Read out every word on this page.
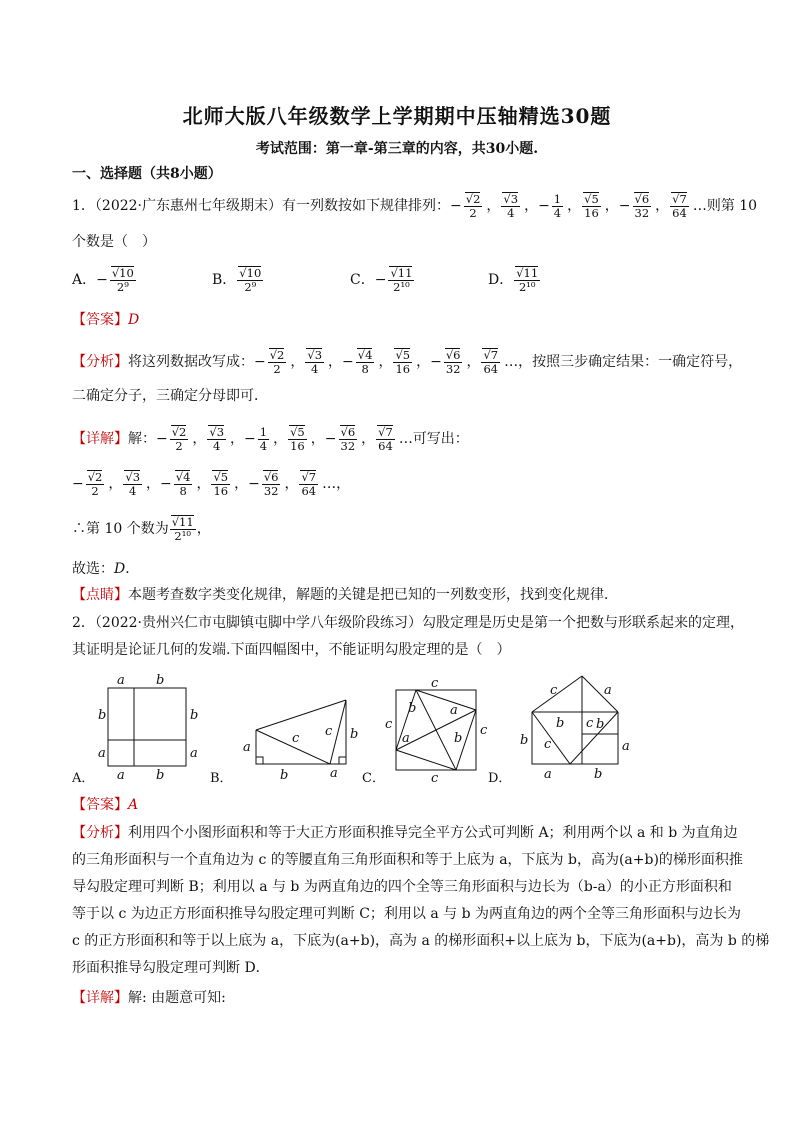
北师大版八年级数学上学期期中压轴精选30题
考试范围：第一章-第三章的内容，共30小题.
一、选择题（共8小题）
1．（2022·广东惠州七年级期末）有一列数按如下规律排列：− $\frac{√2}{2}$ ， $\frac{√3}{4}$ ，− $\frac{1}{4}$ ， $\frac{√5}{16}$ ，− $\frac{√6}{32}$ ， $\frac{√7}{64}$ …则第 10
个数是（　）
A．− $\frac{√10}{\text{2⁹}}$	B． $\frac{√10}{\text{2⁹}}$	C．− $\frac{√11}{\text{2¹⁰}}$	D． $\frac{√11}{\text{2¹⁰}}$
【答案】D
【分析】将这列数据改写成：− $\frac{√2}{2}$ ， $\frac{√3}{4}$ ，− $\frac{√4}{8}$ ， $\frac{√5}{16}$ ，− $\frac{√6}{32}$ ， $\frac{√7}{64}$ …，按照三步确定结果：一确定符号，
二确定分子，三确定分母即可．
【详解】解：− $\frac{√2}{2}$ ， $\frac{√3}{4}$ ，− $\frac{1}{4}$ ， $\frac{√5}{16}$ ，− $\frac{√6}{32}$ ， $\frac{√7}{64}$ …可写出：
− $\frac{√2}{2}$ ， $\frac{√3}{4}$ ，− $\frac{√4}{8}$ ， $\frac{√5}{16}$ ，− $\frac{√6}{32}$ ， $\frac{√7}{64}$ …，
∴第 10 个数为 $\frac{√11}{\text{2¹⁰}}$ ，
故选：D．
【点睛】本题考查数字类变化规律，解题的关键是把已知的一列数变形，找到变化规律．
2．（2022·贵州兴仁市屯脚镇屯脚中学八年级阶段练习）勾股定理是历史是第一个把数与形联系起来的定理，
其证明是论证几何的发端.下面四幅图中，不能证明勾股定理的是（　）
a b
b
a
b
a
a b
A．
a
c c b
b	a
B．
c
b	a
c	c
a	b
c
C．
c	a
b c
b c
b
a
a	b
D．
【答案】A
【分析】利用四个小图形面积和等于大正方形面积推导完全平方公式可判断 A；利用两个以 a 和 b 为直角边
的三角形面积与一个直角边为 c 的等腰直角三角形面积和等于上底为 a，下底为 b，高为(a+b)的梯形面积推
导勾股定理可判断 B；利用以 a 与 b 为两直角边的四个全等三角形面积与边长为（b-a）的小正方形面积和
等于以 c 为边正方形面积推导勾股定理可判断 C；利用以 a 与 b 为两直角边的两个全等三角形面积与边长为
c 的正方形面积和等于以上底为 a，下底为(a+b)，高为 a 的梯形面积+以上底为 b，下底为(a+b)，高为 b 的梯
形面积推导勾股定理可判断 D．
【详解】解: 由题意可知:
